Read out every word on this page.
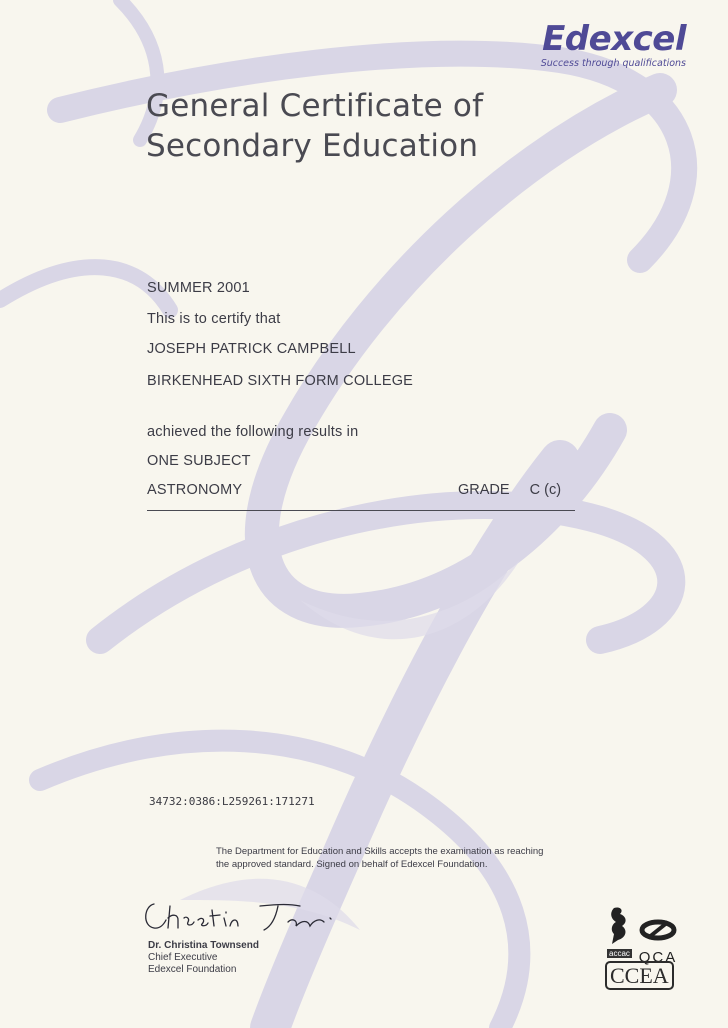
Edexcel
Success through qualifications
General Certificate of
Secondary Education
SUMMER 2001
This is to certify that
JOSEPH PATRICK CAMPBELL
BIRKENHEAD SIXTH FORM COLLEGE
achieved the following results in
ONE SUBJECT
ASTRONOMY	GRADE C (c)
34732:0386:L259261:171271
The Department for Education and Skills accepts the examination as reaching the approved standard. Signed on behalf of Edexcel Foundation.
Dr. Christina Townsend
Chief Executive
Edexcel Foundation
accac QCA
CCEA
